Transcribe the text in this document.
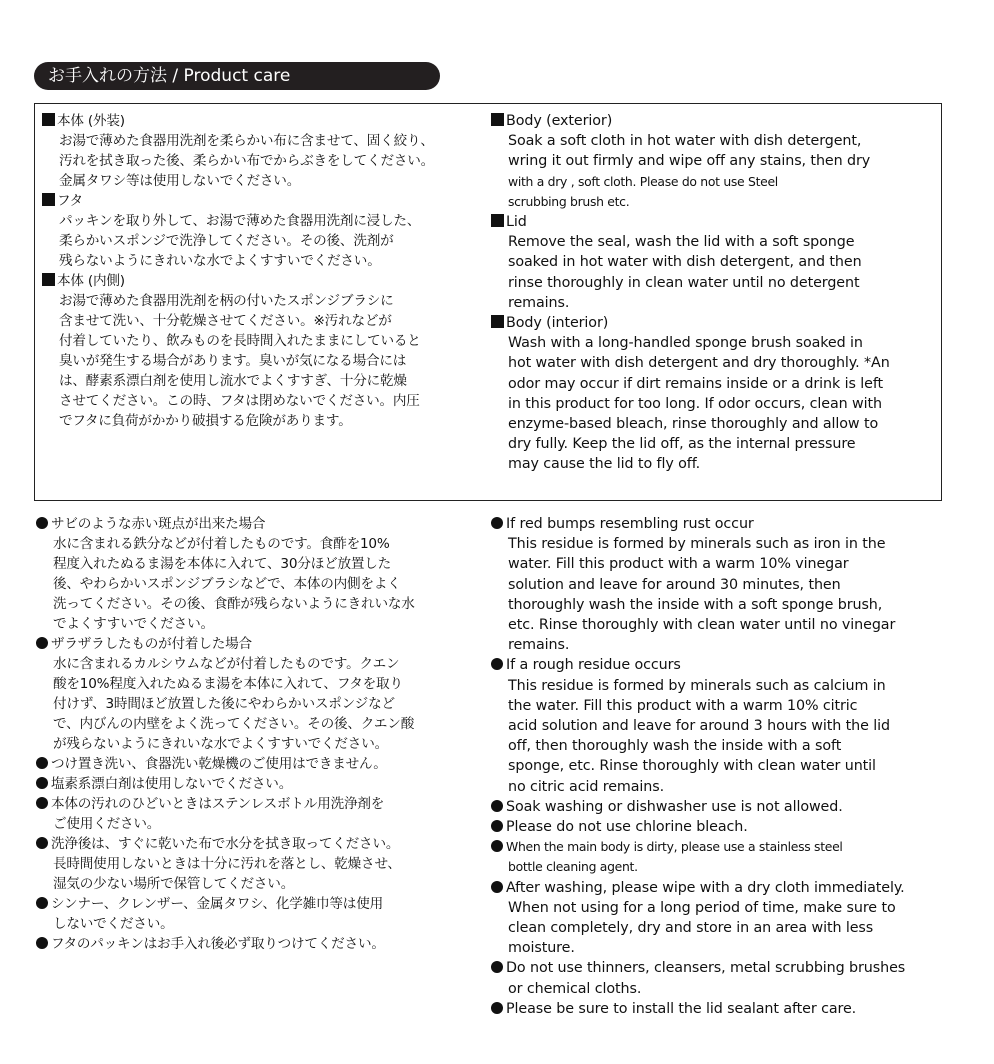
お手入れの方法 / Product care
本体 (外装)
お湯で薄めた食器用洗剤を柔らかい布に含ませて、固く絞り、
汚れを拭き取った後、柔らかい布でからぶきをしてください。
金属タワシ等は使用しないでください。
フタ
パッキンを取り外して、お湯で薄めた食器用洗剤に浸した、
柔らかいスポンジで洗浄してください。その後、洗剤が
残らないようにきれいな水でよくすすいでください。
本体 (内側)
お湯で薄めた食器用洗剤を柄の付いたスポンジブラシに
含ませて洗い、十分乾燥させてください。※汚れなどが
付着していたり、飲みものを長時間入れたままにしていると
臭いが発生する場合があります。臭いが気になる場合には
は、酵素系漂白剤を使用し流水でよくすすぎ、十分に乾燥
させてください。この時、フタは閉めないでください。内圧
でフタに負荷がかかり破損する危険があります。
Body (exterior)
Soak a soft cloth in hot water with dish detergent,
wring it out firmly and wipe off any stains, then dry
with a dry , soft cloth. Please do not use Steel
scrubbing brush etc.
Lid
Remove the seal, wash the lid with a soft sponge
soaked in hot water with dish detergent, and then
rinse thoroughly in clean water until no detergent
remains.
Body (interior)
Wash with a long-handled sponge brush soaked in
hot water with dish detergent and dry thoroughly. *An
odor may occur if dirt remains inside or a drink is left
in this product for too long. If odor occurs, clean with
enzyme-based bleach, rinse thoroughly and allow to
dry fully. Keep the lid off, as the internal pressure
may cause the lid to fly off.
サビのような赤い斑点が出来た場合
水に含まれる鉄分などが付着したものです。食酢を10%
程度入れたぬるま湯を本体に入れて、30分ほど放置した
後、やわらかいスポンジブラシなどで、本体の内側をよく
洗ってください。その後、食酢が残らないようにきれいな水
でよくすすいでください。
ザラザラしたものが付着した場合
水に含まれるカルシウムなどが付着したものです。クエン
酸を10%程度入れたぬるま湯を本体に入れて、フタを取り
付けず、3時間ほど放置した後にやわらかいスポンジなど
で、内びんの内壁をよく洗ってください。その後、クエン酸
が残らないようにきれいな水でよくすすいでください。
つけ置き洗い、食器洗い乾燥機のご使用はできません。
塩素系漂白剤は使用しないでください。
本体の汚れのひどいときはステンレスボトル用洗浄剤を
ご使用ください。
洗浄後は、すぐに乾いた布で水分を拭き取ってください。
長時間使用しないときは十分に汚れを落とし、乾燥させ、
湿気の少ない場所で保管してください。
シンナー、クレンザー、金属タワシ、化学雑巾等は使用
しないでください。
フタのパッキンはお手入れ後必ず取りつけてください。
If red bumps resembling rust occur
This residue is formed by minerals such as iron in the
water. Fill this product with a warm 10% vinegar
solution and leave for around 30 minutes, then
thoroughly wash the inside with a soft sponge brush,
etc. Rinse thoroughly with clean water until no vinegar
remains.
If a rough residue occurs
This residue is formed by minerals such as calcium in
the water. Fill this product with a warm 10% citric
acid solution and leave for around 3 hours with the lid
off, then thoroughly wash the inside with a soft
sponge, etc. Rinse thoroughly with clean water until
no citric acid remains.
Soak washing or dishwasher use is not allowed.
Please do not use chlorine bleach.
When the main body is dirty, please use a stainless steel
bottle cleaning agent.
After washing, please wipe with a dry cloth immediately.
When not using for a long period of time, make sure to
clean completely, dry and store in an area with less
moisture.
Do not use thinners, cleansers, metal scrubbing brushes
or chemical cloths.
Please be sure to install the lid sealant after care.
